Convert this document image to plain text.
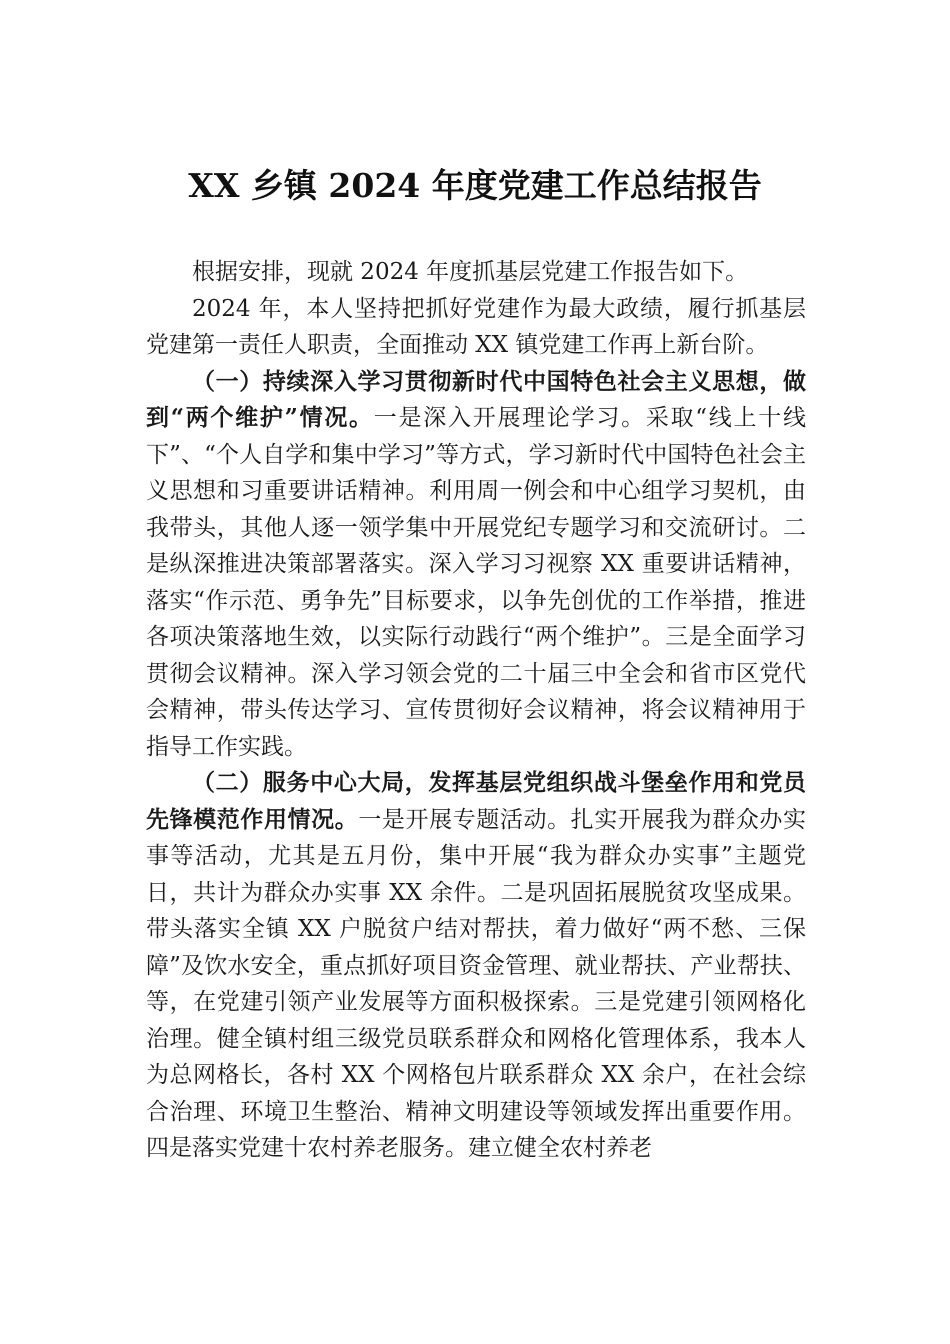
XX 乡镇 2024 年度党建工作总结报告

根据安排，现就 2024 年度抓基层党建工作报告如下。

2024 年，本人坚持把抓好党建作为最大政绩，履行抓基层党建第一责任人职责，全面推动 XX 镇党建工作再上新台阶。

（一）持续深入学习贯彻新时代中国特色社会主义思想，做到“两个维护”情况。一是深入开展理论学习。采取“线上十线下”、“个人自学和集中学习”等方式，学习新时代中国特色社会主义思想和习重要讲话精神。利用周一例会和中心组学习契机，由我带头，其他人逐一领学集中开展党纪专题学习和交流研讨。二是纵深推进决策部署落实。深入学习习视察 XX 重要讲话精神，落实“作示范、勇争先”目标要求，以争先创优的工作举措，推进各项决策落地生效，以实际行动践行“两个维护”。三是全面学习贯彻会议精神。深入学习领会党的二十届三中全会和省市区党代会精神，带头传达学习、宣传贯彻好会议精神，将会议精神用于指导工作实践。

（二）服务中心大局，发挥基层党组织战斗堡垒作用和党员先锋模范作用情况。一是开展专题活动。扎实开展我为群众办实事等活动，尤其是五月份，集中开展“我为群众办实事”主题党日，共计为群众办实事 XX 余件。二是巩固拓展脱贫攻坚成果。带头落实全镇 XX 户脱贫户结对帮扶，着力做好“两不愁、三保障”及饮水安全，重点抓好项目资金管理、就业帮扶、产业帮扶、等，在党建引领产业发展等方面积极探索。三是党建引领网格化治理。健全镇村组三级党员联系群众和网格化管理体系，我本人为总网格长，各村 XX 个网格包片联系群众 XX 余户，在社会综合治理、环境卫生整治、精神文明建设等领域发挥出重要作用。四是落实党建十农村养老服务。建立健全农村养老
